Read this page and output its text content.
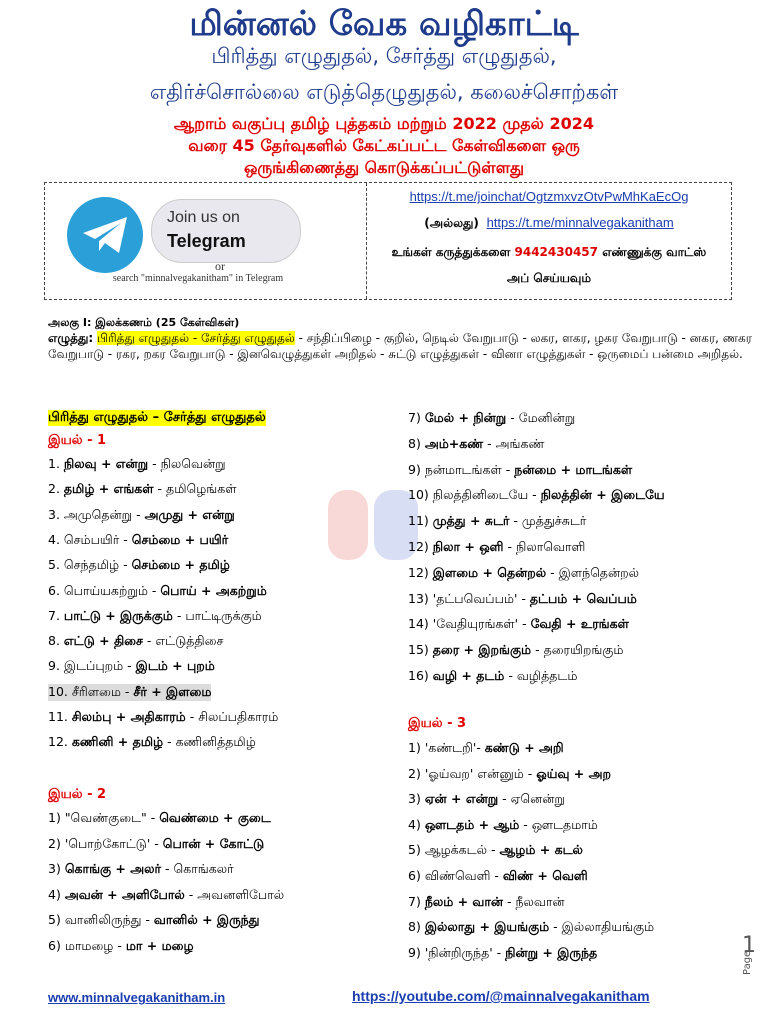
மின்னல் வேக வழிகாட்டி
பிரித்து எழுதுதல், சேர்த்து எழுதுதல்,
எதிர்ச்சொல்லை எடுத்தெழுதுதல், கலைச்சொற்கள்
ஆறாம் வகுப்பு தமிழ் புத்தகம் மற்றும் 2022 முதல் 2024
வரை 45 தேர்வுகளில் கேட்கப்பட்ட கேள்விகளை ஒரு
ஒருங்கிணைத்து கொடுக்கப்பட்டுள்ளது
Join us on
Telegram
or
search "minnalvegakanitham" in Telegram
https://t.me/joinchat/OgtzmxvzOtvPwMhKaEcOg
(அல்லது) https://t.me/minnalvegakanitham
உங்கள் கருத்துக்களை 9442430457 எண்ணுக்கு வாட்ஸ்
அப் செய்யவும்
அலகு I: இலக்கணம் (25 கேள்விகள்)
எழுத்து: பிரித்து எழுதுதல் - சேர்த்து எழுதுதல் - சந்திப்பிழை - குறில், நெடில் வேறுபாடு - லகர, ளகர, ழகர வேறுபாடு - னகர, ணகர வேறுபாடு - ரகர, றகர வேறுபாடு - இனவெழுத்துகள் அறிதல் - சுட்டு எழுத்துகள் - வினா எழுத்துகள் - ஒருமைப் பன்மை அறிதல்.
பிரித்து எழுதுதல் – சேர்த்து எழுதுதல்
இயல் - 1
1. நிலவு + என்று - நிலவென்று
2. தமிழ் + எங்கள் - தமிழெங்கள்
3. அமுதென்று - அமுது + என்று
4. செம்பயிர் - செம்மை + பயிர்
5. செந்தமிழ் - செம்மை + தமிழ்
6. பொய்யகற்றும் - பொய் + அகற்றும்
7. பாட்டு + இருக்கும் - பாட்டிருக்கும்
8. எட்டு + திசை - எட்டுத்திசை
9. இடப்புறம் - இடம் + புறம்
10. சீரிளமை - சீர் + இளமை
11. சிலம்பு + அதிகாரம் - சிலப்பதிகாரம்
12. கணினி + தமிழ் - கணினித்தமிழ்
இயல் - 2
1) "வெண்குடை" - வெண்மை + குடை
2) 'பொற்கோட்டு' - பொன் + கோட்டு
3) கொங்கு + அலர் - கொங்கலர்
4) அவன் + அளிபோல் - அவனளிபோல்
5) வானிலிருந்து - வானில் + இருந்து
6) மாமழை - மா + மழை
7) மேல் + நின்று - மேனின்று
8) அம்+கண் - அங்கண்
9) நன்மாடங்கள் - நன்மை + மாடங்கள்
10) நிலத்தினிடையே - நிலத்தின் + இடையே
11) முத்து + சுடர் - முத்துச்சுடர்
12) நிலா + ஒளி - நிலாவொளி
12) இளமை + தென்றல் - இளந்தென்றல்
13) 'தட்பவெப்பம்' - தட்பம் + வெப்பம்
14) 'வேதியுரங்கள்' - வேதி + உரங்கள்
15) தரை + இறங்கும் - தரையிறங்கும்
16) வழி + தடம் - வழித்தடம்
இயல் - 3
1) 'கண்டறி'- கண்டு + அறி
2) 'ஓய்வற' என்னும் - ஓய்வு + அற
3) ஏன் + என்று - ஏனென்று
4) ஔடதம் + ஆம் - ஔடதமாம்
5) ஆழக்கடல் - ஆழம் + கடல்
6) விண்வெளி - விண் + வெளி
7) நீலம் + வான் - நீலவான்
8) இல்லாது + இயங்கும் - இல்லாதியங்கும்
9) 'நின்றிருந்த' - நின்று + இருந்த	Page
1
www.minnalvegakanitham.in	https://youtube.com/@mainnalvegakanitham
